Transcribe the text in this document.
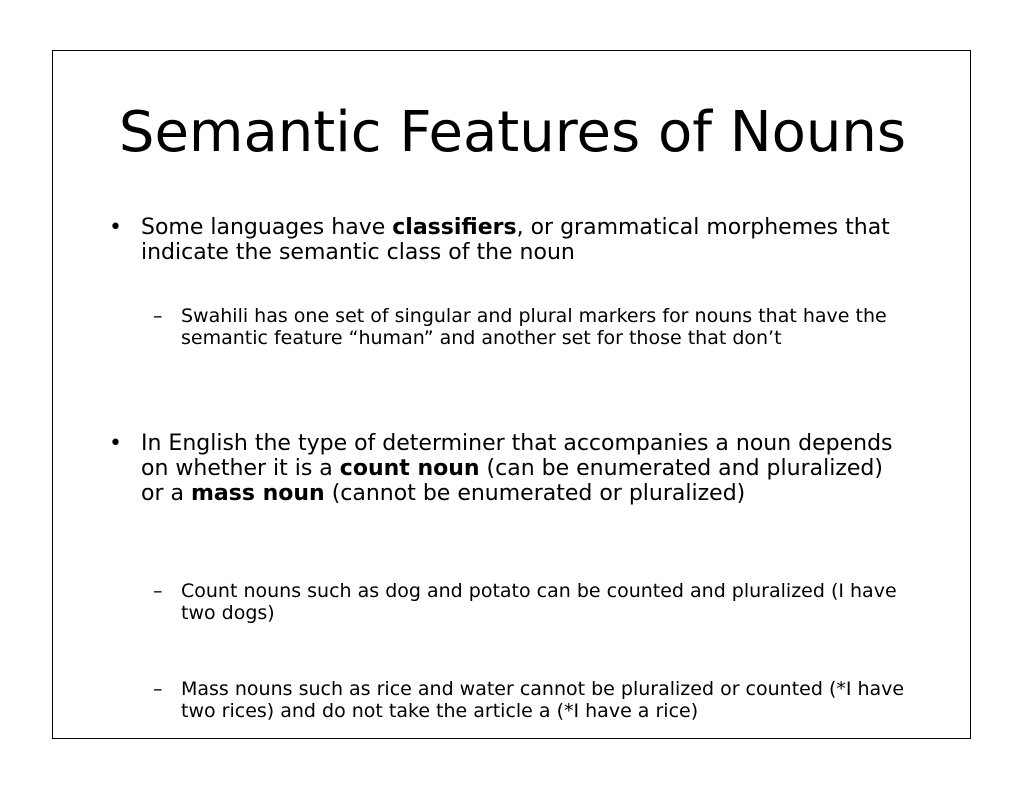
Semantic Features of Nouns
• Some languages have classifiers, or grammatical morphemes that indicate the semantic class of the noun
– Swahili has one set of singular and plural markers for nouns that have the semantic feature “human” and another set for those that don’t
• In English the type of determiner that accompanies a noun depends on whether it is a count noun (can be enumerated and pluralized) or a mass noun (cannot be enumerated or pluralized)
– Count nouns such as dog and potato can be counted and pluralized (I have two dogs)
– Mass nouns such as rice and water cannot be pluralized or counted (*I have two rices) and do not take the article a (*I have a rice)
